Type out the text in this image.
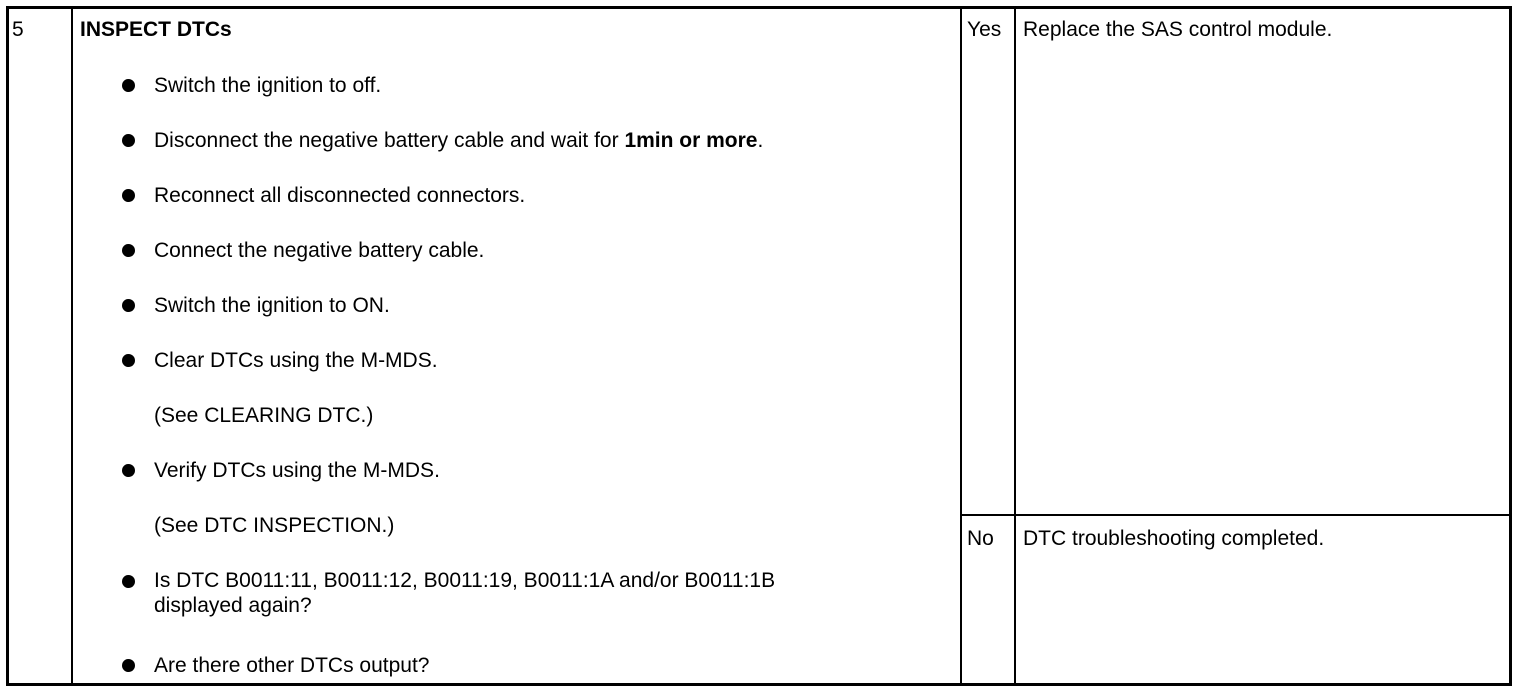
5	INSPECT DTCs
Switch the ignition to off.
Disconnect the negative battery cable and wait for 1min or more.
Reconnect all disconnected connectors.
Connect the negative battery cable.
Switch the ignition to ON.
Clear DTCs using the M-MDS.
(See CLEARING DTC.)
Verify DTCs using the M-MDS.
(See DTC INSPECTION.)
Is DTC B0011:11, B0011:12, B0011:19, B0011:1A and/or B0011:1B
displayed again?
Are there other DTCs output?
Yes Replace the SAS control module.
No DTC troubleshooting completed.
